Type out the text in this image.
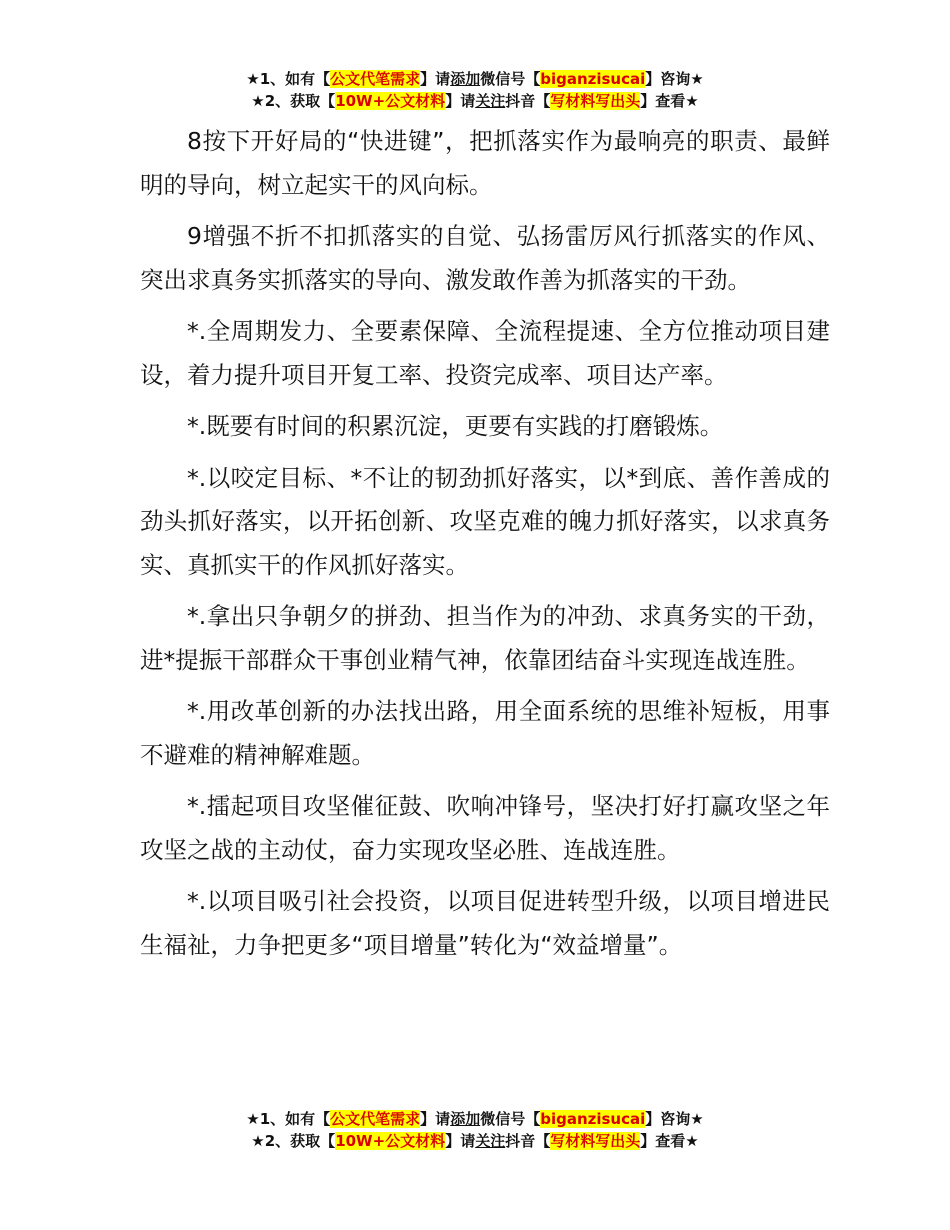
★1、如有【公文代笔需求】请添加微信号【biganzisucai】咨询★
★2、获取【10W+公文材料】请关注抖音【写材料写出头】查看★

8按下开好局的“快进键”，把抓落实作为最响亮的职责、最鲜明的导向，树立起实干的风向标。

9增强不折不扣抓落实的自觉、弘扬雷厉风行抓落实的作风、突出求真务实抓落实的导向、激发敢作善为抓落实的干劲。

*.全周期发力、全要素保障、全流程提速、全方位推动项目建设，着力提升项目开复工率、投资完成率、项目达产率。

*.既要有时间的积累沉淀，更要有实践的打磨锻炼。

*.以咬定目标、*不让的韧劲抓好落实，以*到底、善作善成的劲头抓好落实，以开拓创新、攻坚克难的魄力抓好落实，以求真务实、真抓实干的作风抓好落实。

*.拿出只争朝夕的拼劲、担当作为的冲劲、求真务实的干劲，进*提振干部群众干事创业精气神，依靠团结奋斗实现连战连胜。

*.用改革创新的办法找出路，用全面系统的思维补短板，用事不避难的精神解难题。

*.擂起项目攻坚催征鼓、吹响冲锋号，坚决打好打赢攻坚之年攻坚之战的主动仗，奋力实现攻坚必胜、连战连胜。

*.以项目吸引社会投资，以项目促进转型升级，以项目增进民生福祉，力争把更多“项目增量”转化为“效益增量”。

★1、如有【公文代笔需求】请添加微信号【biganzisucai】咨询★
★2、获取【10W+公文材料】请关注抖音【写材料写出头】查看★
